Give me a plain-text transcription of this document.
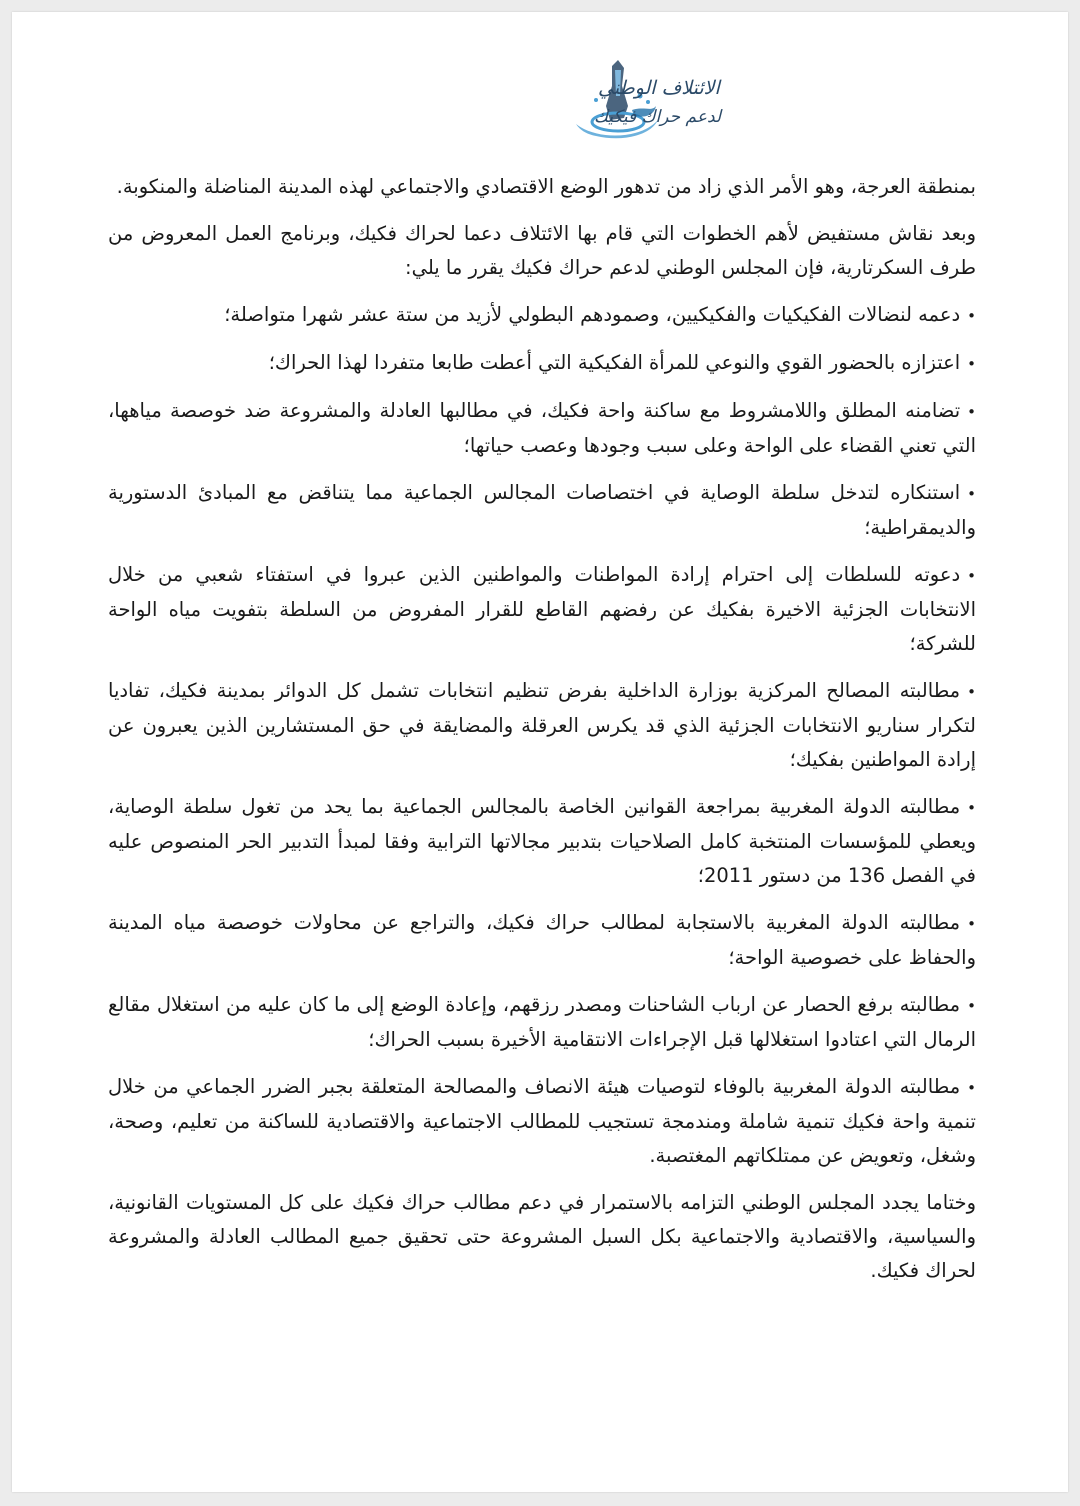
الائتلاف الوطني
لدعم حراك فيكيك

بمنطقة العرجة، وهو الأمر الذي زاد من تدهور الوضع الاقتصادي والاجتماعي لهذه المدينة المناضلة والمنكوبة.

وبعد نقاش مستفيض لأهم الخطوات التي قام بها الائتلاف دعما لحراك فكيك، وبرنامج العمل المعروض من طرف السكرتارية، فإن المجلس الوطني لدعم حراك فكيك يقرر ما يلي:

•دعمه لنضالات الفكيكيات والفكيكيين، وصمودهم البطولي لأزيد من ستة عشر شهرا متواصلة؛

•اعتزازه بالحضور القوي والنوعي للمرأة الفكيكية التي أعطت طابعا متفردا لهذا الحراك؛

•تضامنه المطلق واللامشروط مع ساكنة واحة فكيك، في مطالبها العادلة والمشروعة ضد خوصصة مياهها، التي تعني القضاء على الواحة وعلى سبب وجودها وعصب حياتها؛

•استنكاره لتدخل سلطة الوصاية في اختصاصات المجالس الجماعية مما يتناقض مع المبادئ الدستورية والديمقراطية؛

•دعوته للسلطات إلى احترام إرادة المواطنات والمواطنين الذين عبروا في استفتاء شعبي من خلال الانتخابات الجزئية الاخيرة بفكيك عن رفضهم القاطع للقرار المفروض من السلطة بتفويت مياه الواحة للشركة؛

•مطالبته المصالح المركزية بوزارة الداخلية بفرض تنظيم انتخابات تشمل كل الدوائر بمدينة فكيك، تفاديا لتكرار سناريو الانتخابات الجزئية الذي قد يكرس العرقلة والمضايقة في حق المستشارين الذين يعبرون عن إرادة المواطنين بفكيك؛

•مطالبته الدولة المغربية بمراجعة القوانين الخاصة بالمجالس الجماعية بما يحد من تغول سلطة الوصاية، ويعطي للمؤسسات المنتخبة كامل الصلاحيات بتدبير مجالاتها الترابية وفقا لمبدأ التدبير الحر المنصوص عليه في الفصل 136 من دستور 2011؛

•مطالبته الدولة المغربية بالاستجابة لمطالب حراك فكيك، والتراجع عن محاولات خوصصة مياه المدينة والحفاظ على خصوصية الواحة؛

•مطالبته برفع الحصار عن ارباب الشاحنات ومصدر رزقهم، وإعادة الوضع إلى ما كان عليه من استغلال مقالع الرمال التي اعتادوا استغلالها قبل الإجراءات الانتقامية الأخيرة بسبب الحراك؛

•مطالبته الدولة المغربية بالوفاء لتوصيات هيئة الانصاف والمصالحة المتعلقة بجبر الضرر الجماعي من خلال تنمية واحة فكيك تنمية شاملة ومندمجة تستجيب للمطالب الاجتماعية والاقتصادية للساكنة من تعليم، وصحة، وشغل، وتعويض عن ممتلكاتهم المغتصبة.

وختاما يجدد المجلس الوطني التزامه بالاستمرار في دعم مطالب حراك فكيك على كل المستويات القانونية، والسياسية، والاقتصادية والاجتماعية بكل السبل المشروعة حتى تحقيق جميع المطالب العادلة والمشروعة لحراك فكيك.
